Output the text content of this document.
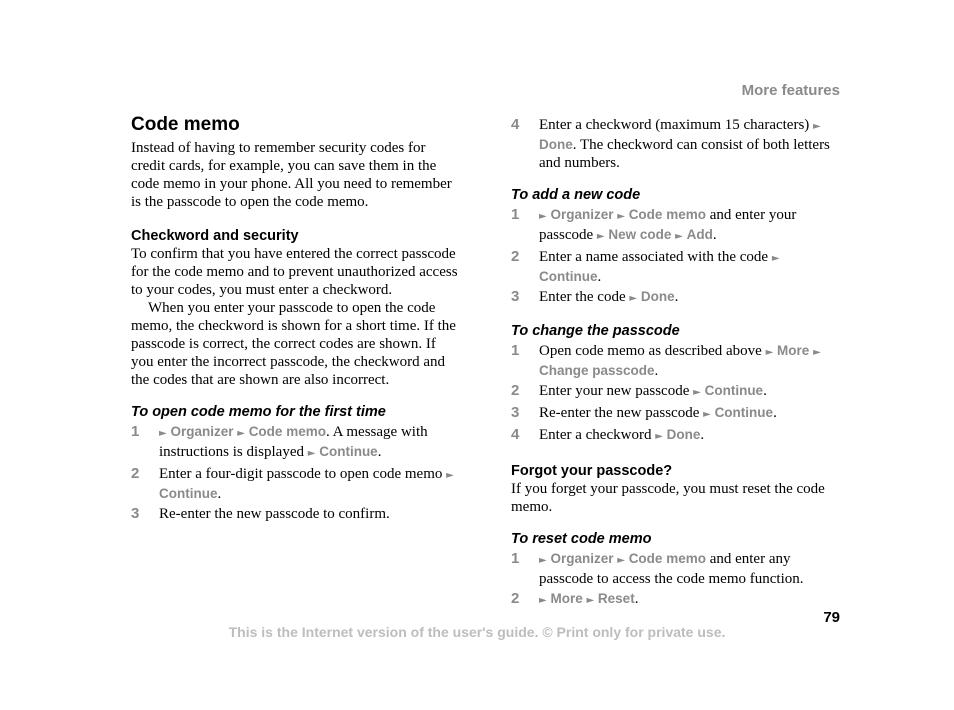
More features
Code memo

Instead of having to remember security codes for credit cards, for example, you can save them in the code memo in your phone. All you need to remember is the passcode to open the code memo.

Checkword and security

To confirm that you have entered the correct passcode for the code memo and to prevent unauthorized access to your codes, you must enter a checkword.

When you enter your passcode to open the code memo, the checkword is shown for a short time. If the passcode is correct, the correct codes are shown. If you enter the incorrect passcode, the checkword and the codes that are shown are also incorrect.

To open code memo for the first time
1	► Organizer ► Code memo. A message with instructions is displayed ► Continue.
2	Enter a four-digit passcode to open code memo ► Continue.
3	Re-enter the new passcode to confirm.
4	Enter a checkword (maximum 15 characters) ► Done. The checkword can consist of both letters and numbers.
To add a new code
1	► Organizer ► Code memo and enter your passcode ► New code ► Add.
2	Enter a name associated with the code ► Continue.
3	Enter the code ► Done.
To change the passcode
1	Open code memo as described above ► More ► Change passcode.
2	Enter your new passcode ► Continue.
3	Re-enter the new passcode ► Continue.
4	Enter a checkword ► Done.
Forgot your passcode?

If you forget your passcode, you must reset the code memo.

To reset code memo
1	► Organizer ► Code memo and enter any passcode to access the code memo function.
2	► More ► Reset.
79
This is the Internet version of the user's guide. © Print only for private use.
